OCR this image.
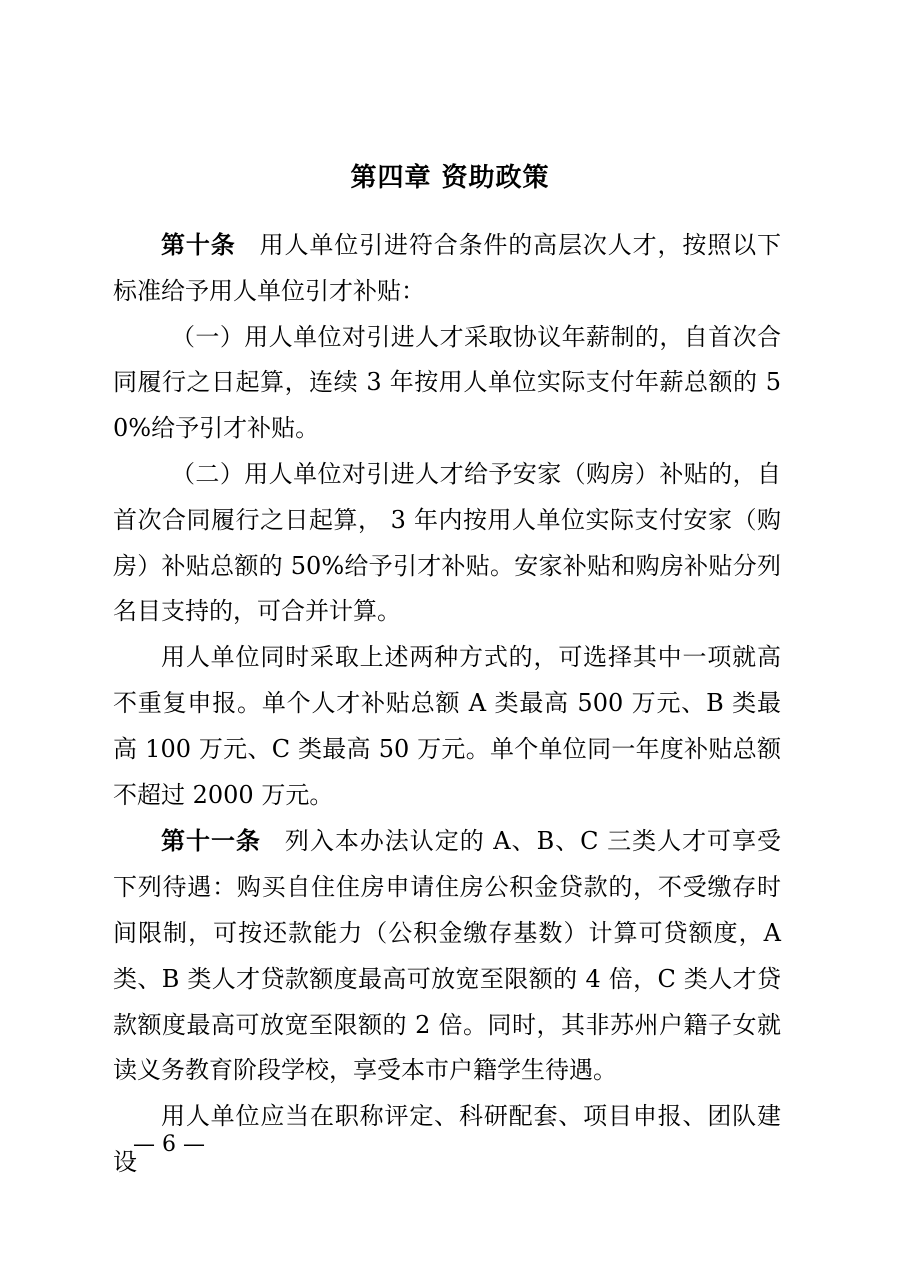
第四章 资助政策

第十条 用人单位引进符合条件的高层次人才，按照以下标准给予用人单位引才补贴：

（一）用人单位对引进人才采取协议年薪制的，自首次合同履行之日起算，连续 3 年按用人单位实际支付年薪总额的 50%给予引才补贴。

（二）用人单位对引进人才给予安家（购房）补贴的，自首次合同履行之日起算， 3 年内按用人单位实际支付安家（购房）补贴总额的 50%给予引才补贴。安家补贴和购房补贴分列名目支持的，可合并计算。

用人单位同时采取上述两种方式的，可选择其中一项就高不重复申报。单个人才补贴总额 A 类最高 500 万元、B 类最高 100 万元、C 类最高 50 万元。单个单位同一年度补贴总额不超过 2000 万元。

第十一条 列入本办法认定的 A、B、C 三类人才可享受下列待遇：购买自住住房申请住房公积金贷款的，不受缴存时间限制，可按还款能力（公积金缴存基数）计算可贷额度，A 类、B 类人才贷款额度最高可放宽至限额的 4 倍，C 类人才贷款额度最高可放宽至限额的 2 倍。同时，其非苏州户籍子女就读义务教育阶段学校，享受本市户籍学生待遇。

用人单位应当在职称评定、科研配套、项目申报、团队建设

— 6 —
